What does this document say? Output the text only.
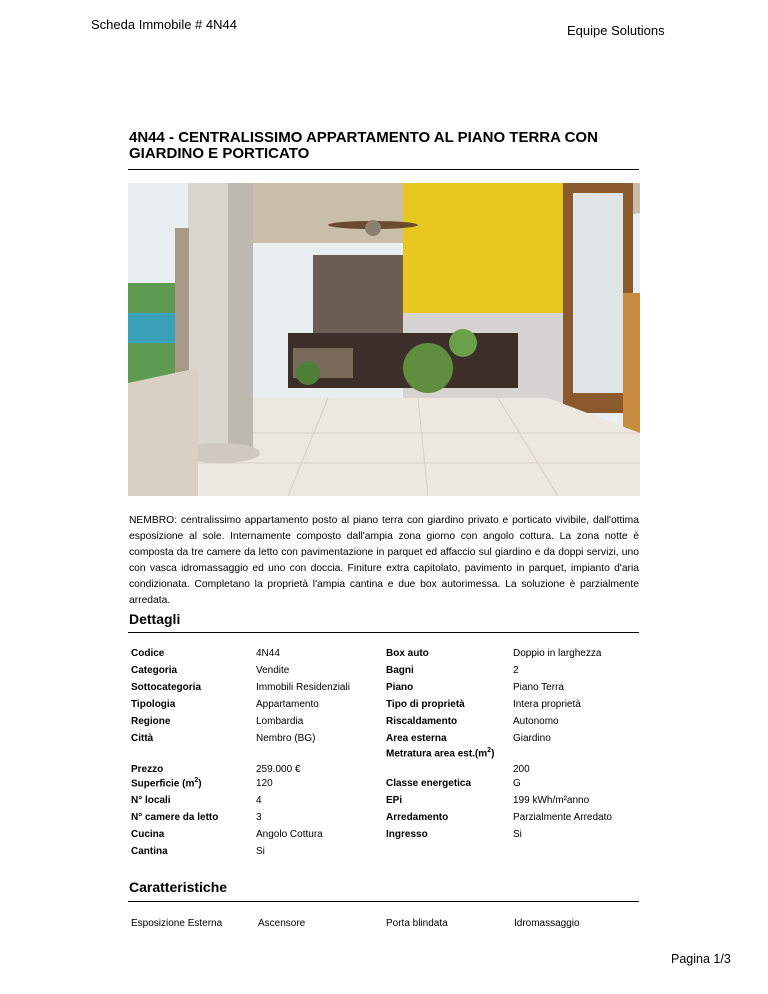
Scheda Immobile # 4N44	Equipe Solutions
4N44 - CENTRALISSIMO APPARTAMENTO AL PIANO TERRA CON GIARDINO E PORTICATO
NEMBRO: centralissimo appartamento posto al piano terra con giardino privato e porticato vivibile, dall'ottima esposizione al sole. Internamente composto dall'ampia zona giorno con angolo cottura. La zona notte è composta da tre camere da letto con pavimentazione in parquet ed affaccio sul giardino e da doppi servizi, uno con vasca idromassaggio ed uno con doccia. Finiture extra capitolato, pavimento in parquet, impianto d'aria condizionata. Completano la proprietà l'ampia cantina e due box autorimessa. La soluzione è parzialmente arredata.
Dettagli
Codice	4N44	Box auto	Doppio in larghezza
Categoria	Vendite	Bagni	2
Sottocategoria	Immobili Residenziali	Piano	Piano Terra
Tipologia	Appartamento	Tipo di proprietà	Intera proprietà
Regione	Lombardia	Riscaldamento	Autonomo
Città	Nembro (BG)	Area esterna	Giardino
Prezzo	259.000 €	Metratura area $est.(m^2)$	200
Superficie $(m^2)$	120	Classe energetica	G
N° locali	4	EPi	199 kWh/m²anno
N° camere da letto	3	Arredamento	Parzialmente Arredato
Cucina	Angolo Cottura	Ingresso	Si
Cantina	Si		
Caratteristiche
Esposizione Esterna	Ascensore	Porta blindata	Idromassaggio
Pagina 1/3
